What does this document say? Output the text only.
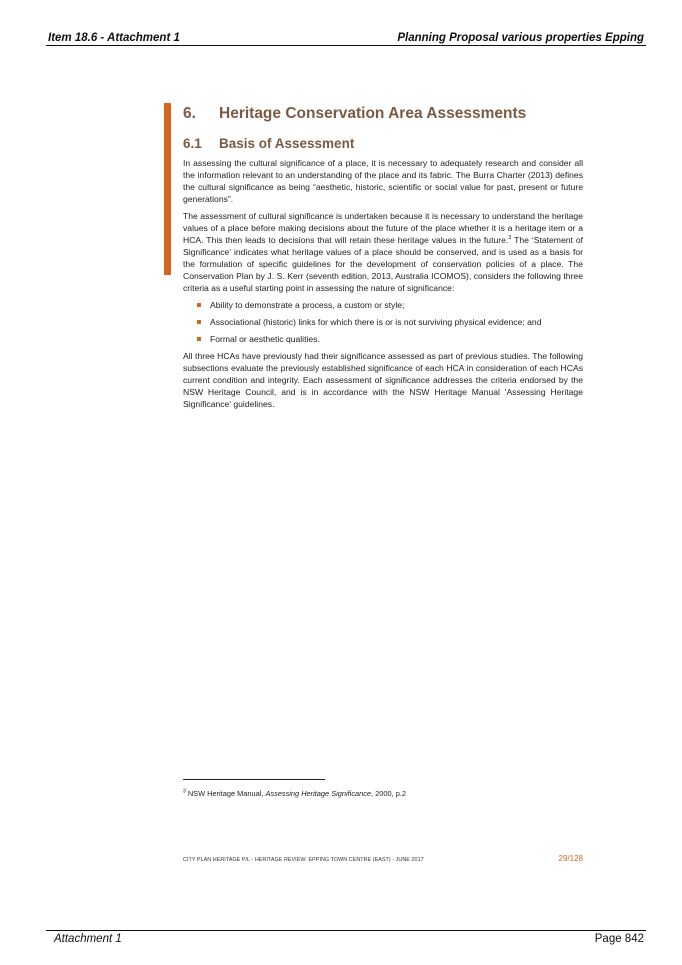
Item 18.6 - Attachment 1	Planning Proposal various properties Epping
6. Heritage Conservation Area Assessments
6.1 Basis of Assessment

In assessing the cultural significance of a place, it is necessary to adequately research and consider all the information relevant to an understanding of the place and its fabric. The Burra Charter (2013) defines the cultural significance as being “aesthetic, historic, scientific or social value for past, present or future generations”.

The assessment of cultural significance is undertaken because it is necessary to understand the heritage values of a place before making decisions about the future of the place whether it is a heritage item or a HCA. This then leads to decisions that will retain these heritage values in the future.$^3$ The ‘Statement of Significance’ indicates what heritage values of a place should be conserved, and is used as a basis for the formulation of specific guidelines for the development of conservation policies of a place. The Conservation Plan by J. S. Kerr (seventh edition, 2013, Australia ICOMOS), considers the following three criteria as a useful starting point in assessing the nature of significance:

Ability to demonstrate a process, a custom or style;
Associational (historic) links for which there is or is not surviving physical evidence; and
Formal or aesthetic qualities.

All three HCAs have previously had their significance assessed as part of previous studies. The following subsections evaluate the previously established significance of each HCA in consideration of each HCAs current condition and integrity. Each assessment of significance addresses the criteria endorsed by the NSW Heritage Council, and is in accordance with the NSW Heritage Manual 'Assessing Heritage Significance' guidelines.

$^3$ NSW Heritage Manual, Assessing Heritage Significance, 2000, p.2
CITY PLAN HERITAGE P/L - HERITAGE REVIEW: EPPING TOWN CENTRE (EAST) - JUNE 2017	29/128
Attachment 1	Page 842
